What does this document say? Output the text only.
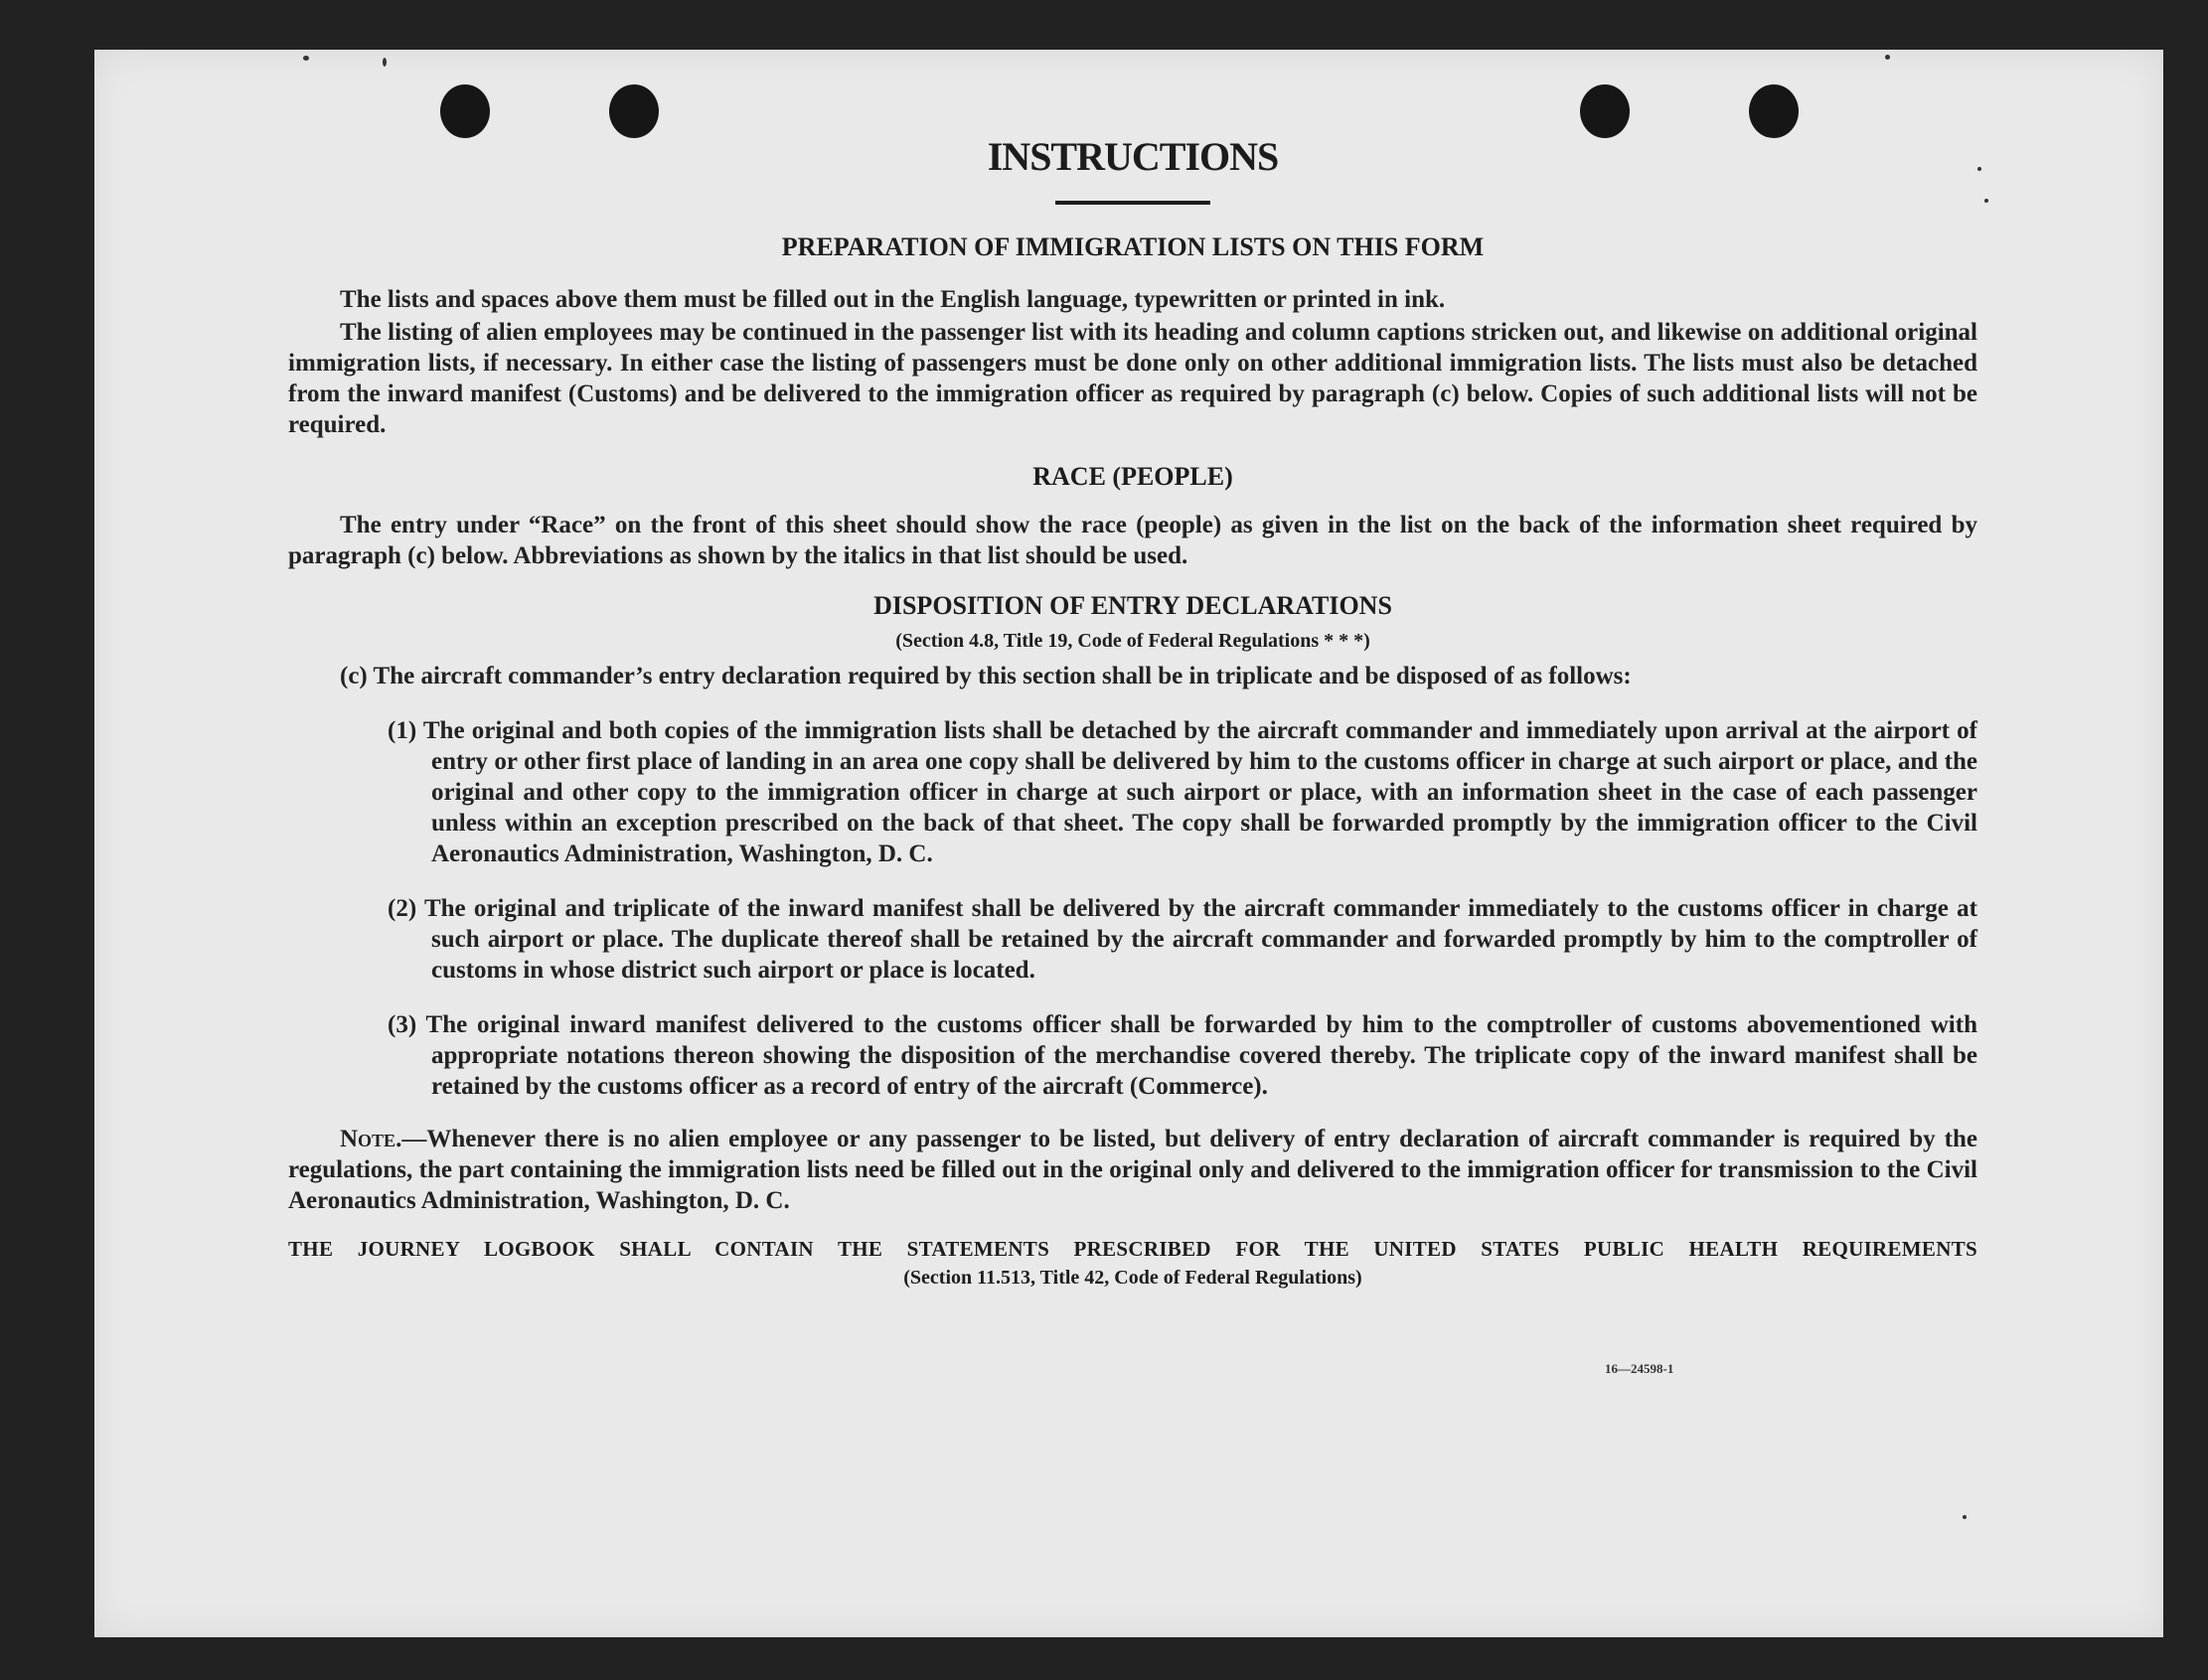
INSTRUCTIONS
PREPARATION OF IMMIGRATION LISTS ON THIS FORM

The lists and spaces above them must be filled out in the English language, typewritten or printed in ink.

The listing of alien employees may be continued in the passenger list with its heading and column captions stricken out, and likewise on additional original immigration lists, if necessary. In either case the listing of passengers must be done only on other additional immigration lists. The lists must also be detached from the inward manifest (Customs) and be delivered to the immigration officer as required by paragraph (c) below. Copies of such additional lists will not be required.

RACE (PEOPLE)

The entry under “Race” on the front of this sheet should show the race (people) as given in the list on the back of the information sheet required by paragraph (c) below. Abbreviations as shown by the italics in that list should be used.

DISPOSITION OF ENTRY DECLARATIONS
(Section 4.8, Title 19, Code of Federal Regulations * * *)

(c) The aircraft commander’s entry declaration required by this section shall be in triplicate and be disposed of as follows:

(1) The original and both copies of the immigration lists shall be detached by the aircraft commander and immediately upon arrival at the airport of entry or other first place of landing in an area one copy shall be delivered by him to the customs officer in charge at such airport or place, and the original and other copy to the immigration officer in charge at such airport or place, with an information sheet in the case of each passenger unless within an exception prescribed on the back of that sheet. The copy shall be forwarded promptly by the immigration officer to the Civil Aeronautics Administration, Washington, D. C.

(2) The original and triplicate of the inward manifest shall be delivered by the aircraft commander immediately to the customs officer in charge at such airport or place. The duplicate thereof shall be retained by the aircraft commander and forwarded promptly by him to the comptroller of customs in whose district such airport or place is located.

(3) The original inward manifest delivered to the customs officer shall be forwarded by him to the comptroller of customs abovementioned with appropriate notations thereon showing the disposition of the merchandise covered thereby. The triplicate copy of the inward manifest shall be retained by the customs officer as a record of entry of the aircraft (Commerce).

Note.—Whenever there is no alien employee or any passenger to be listed, but delivery of entry declaration of aircraft commander is required by the regulations, the part containing the immigration lists need be filled out in the original only and delivered to the immigration officer for transmission to the Civil Aeronautics Administration, Washington, D. C.

THE JOURNEY LOGBOOK SHALL CONTAIN THE STATEMENTS PRESCRIBED FOR THE UNITED STATES PUBLIC HEALTH REQUIREMENTS
(Section 11.513, Title 42, Code of Federal Regulations)
16—24598-1
